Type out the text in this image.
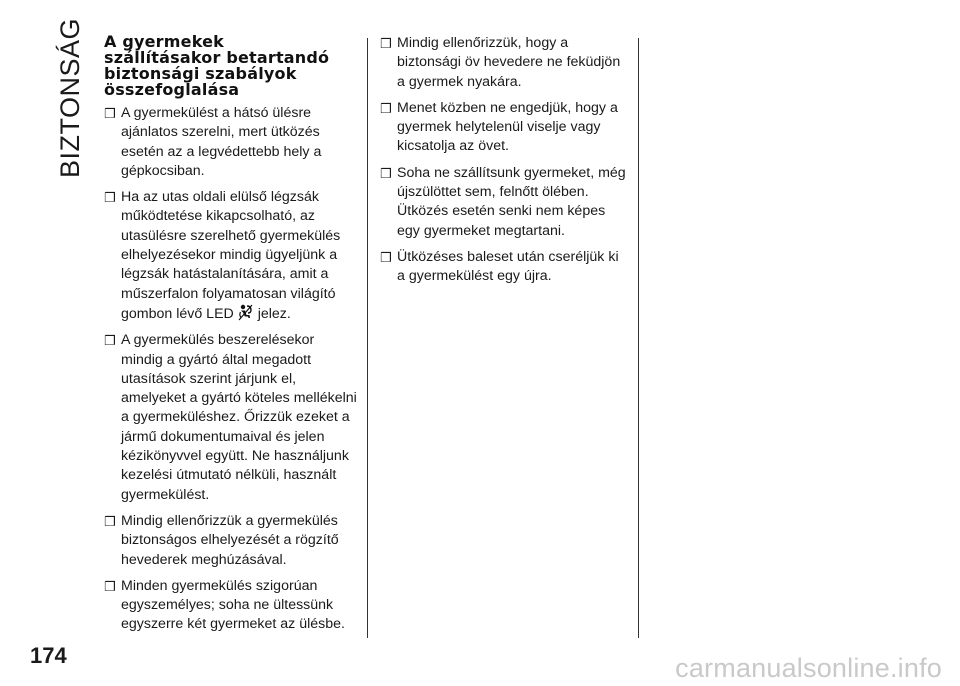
BIZTONSÁG
174
A gyermekek
szállításakor betartandó
biztonsági szabályok
összefoglalása
❒ A gyermekülést a hátsó ülésre ajánlatos szerelni, mert ütközés esetén az a legvédettebb hely a gépkocsiban.
❒ Ha az utas oldali elülső légzsák működtetése kikapcsolható, az utasülésre szerelhető gyermekülés elhelyezésekor mindig ügyeljünk a légzsák hatástalanítására, amit a műszerfalon folyamatosan világító gombon lévő LED jelez.
❒ A gyermekülés beszerelésekor mindig a gyártó által megadott utasítások szerint járjunk el, amelyeket a gyártó köteles mellékelni a gyermeküléshez. Őrizzük ezeket a jármű dokumentumaival és jelen kézikönyvvel együtt. Ne használjunk kezelési útmutató nélküli, használt gyermekülést.
❒ Mindig ellenőrizzük a gyermekülés biztonságos elhelyezését a rögzítő hevederek meghúzásával.
❒ Minden gyermekülés szigorúan egyszemélyes; soha ne ültessünk egyszerre két gyermeket az ülésbe.
❒ Mindig ellenőrizzük, hogy a biztonsági öv hevedere ne feküdjön a gyermek nyakára.
❒ Menet közben ne engedjük, hogy a gyermek helytelenül viselje vagy kicsatolja az övet.
❒ Soha ne szállítsunk gyermeket, még újszülöttet sem, felnőtt ölében. Ütközés esetén senki nem képes egy gyermeket megtartani.
❒ Ütközéses baleset után cseréljük ki a gyermekülést egy újra.
carmanualsonline.info
